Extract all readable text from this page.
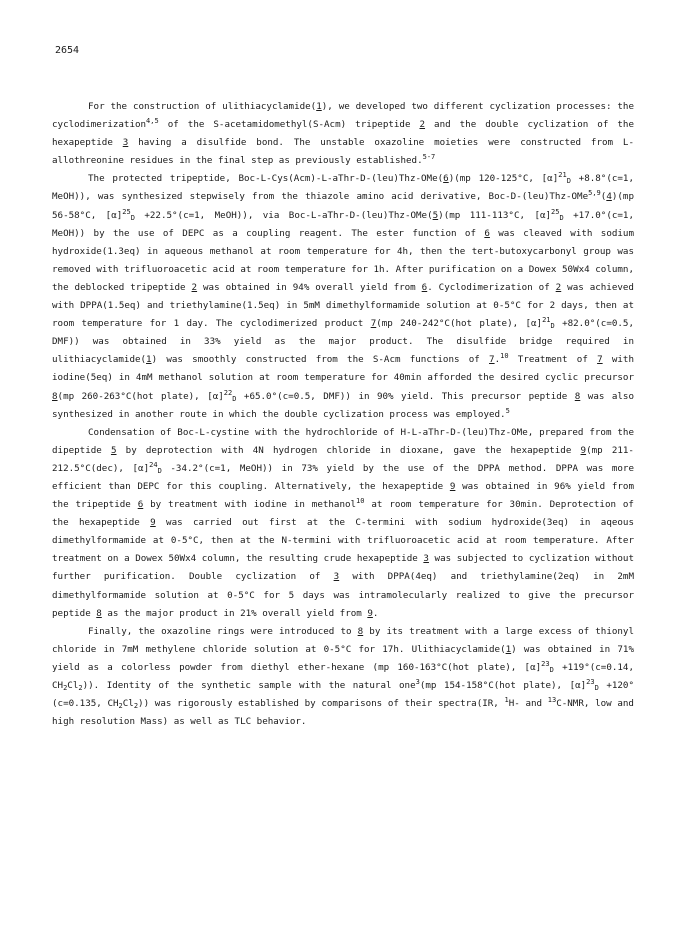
2654

For the construction of ulithiacyclamide(1), we developed two different cyclization processes: the cyclodimerization$^{4,5}$ of the S-acetamidomethyl(S-Acm) tripeptide 2 and the double cyclization of the hexapeptide 3 having a disulfide bond. The unstable oxazoline moieties were constructed from L-allothreonine residues in the final step as previously established.$^{5-7}$

The protected tripeptide, Boc-L-Cys(Acm)-L-aThr-D-(leu)Thz-OMe(6)(mp 120-125°C, $[\alpha]^{21}_D +8.8^\circ(c=1$, MeOH)), was synthesized stepwisely from the thiazole amino acid derivative, Boc-D-(leu)Thz-OMe$^{5,9}$(4)(mp 56-58°C, $[\alpha]^{25}_D +22.5^\circ(c=1$, MeOH)), via Boc-L-aThr-D-(leu)Thz-OMe(5)(mp 111-113°C, $[\alpha]^{25}_D +17.0^\circ(c=1$, MeOH)) by the use of DEPC as a coupling reagent. The ester function of 6 was cleaved with sodium hydroxide(1.3eq) in aqueous methanol at room temperature for 4h, then the tert-butoxycarbonyl group was removed with trifluoroacetic acid at room temperature for 1h. After purification on a Dowex 50Wx4 column, the deblocked tripeptide 2 was obtained in 94% overall yield from 6. Cyclodimerization of 2 was achieved with DPPA(1.5eq) and triethylamine(1.5eq) in 5mM dimethylformamide solution at 0-5°C for 2 days, then at room temperature for 1 day. The cyclodimerized product 7(mp 240-242°C(hot plate), $[\alpha]^{21}_D +82.0^\circ(c=0.5$, DMF)) was obtained in 33% yield as the major product. The disulfide bridge required in ulithiacyclamide(1) was smoothly constructed from the S-Acm functions of 7.10 Treatment of 7 with iodine(5eq) in 4mM methanol solution at room temperature for 40min afforded the desired cyclic precursor 8(mp 260-263°C(hot plate), $[\alpha]^{22}_D +65.0^\circ(c=0.5$, DMF)) in 90% yield. This precursor peptide 8 was also synthesized in another route in which the double cyclization process was employed.$^5$

Condensation of Boc-L-cystine with the hydrochloride of H-L-aThr-D-(leu)Thz-OMe, prepared from the dipeptide 5 by deprotection with 4N hydrogen chloride in dioxane, gave the hexapeptide 9(mp 211-212.5°C(dec), $[\alpha]^{24}_D$ -34.2°(c=1, MeOH)) in 73% yield by the use of the DPPA method. DPPA was more efficient than DEPC for this coupling. Alternatively, the hexapeptide 9 was obtained in 96% yield from the tripeptide 6 by treatment with iodine in methanol$^{10}$ at room temperature for 30min. Deprotection of the hexapeptide 9 was carried out first at the C-termini with sodium hydroxide(3eq) in aqeous dimethylformamide at 0-5°C, then at the N-termini with trifluoroacetic acid at room temperature. After treatment on a Dowex 50Wx4 column, the resulting crude hexapeptide 3 was subjected to cyclization without further purification. Double cyclization of 3 with DPPA(4eq) and triethylamine(2eq) in 2mM dimethylformamide solution at 0-5°C for 5 days was intramolecularly realized to give the precursor peptide 8 as the major product in 21% overall yield from 9.

Finally, the oxazoline rings were introduced to 8 by its treatment with a large excess of thionyl chloride in 7mM methylene chloride solution at 0-5°C for 17h. Ulithiacyclamide(1) was obtained in 71% yield as a colorless powder from diethyl ether-hexane (mp 160-163°C(hot plate), $[\alpha]^{23}_D +119^\circ(c=0.14$, $CH_2Cl_2$)). Identity of the synthetic sample with the natural one$^3$(mp 154-158°C(hot plate), $[\alpha]^{23}_D +120^\circ(c=0.135$, $CH_2Cl_2$)) was rigorously established by comparisons of their spectra(IR, $^1$H- and $^{13}$C-NMR, low and high resolution Mass) as well as TLC behavior.
